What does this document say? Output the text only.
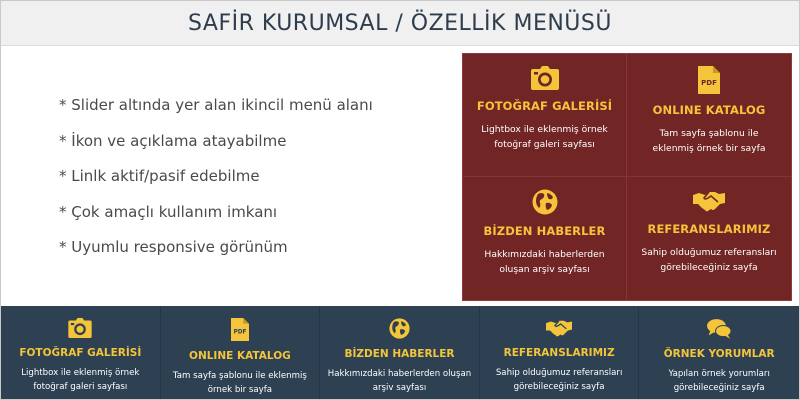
SAFİR KURUMSAL / ÖZELLİK MENÜSÜ
* Slider altında yer alan ikincil menü alanı
* İkon ve açıklama atayabilme
* Linlk aktif/pasif edebilme
* Çok amaçlı kullanım imkanı
* Uyumlu responsive görünüm
FOTOĞRAF GALERİSİ
Lightbox ile eklenmiş örnek fotoğraf galeri sayfası
PDF
ONLINE KATALOG
Tam sayfa şablonu ile eklenmiş örnek bir sayfa
BİZDEN HABERLER
Hakkımızdaki haberlerden oluşan arşiv sayfası
REFERANSLARIMIZ
Sahip olduğumuz referansları görebileceğiniz sayfa
FOTOĞRAF GALERİSİ
Lightbox ile eklenmiş örnek fotoğraf galeri sayfası
PDF
ONLINE KATALOG
Tam sayfa şablonu ile eklenmiş örnek bir sayfa
BİZDEN HABERLER
Hakkımızdaki haberlerden oluşan arşiv sayfası
REFERANSLARIMIZ
Sahip olduğumuz referansları görebileceğiniz sayfa
ÖRNEK YORUMLAR
Yapılan örnek yorumları görebileceğiniz sayfa
